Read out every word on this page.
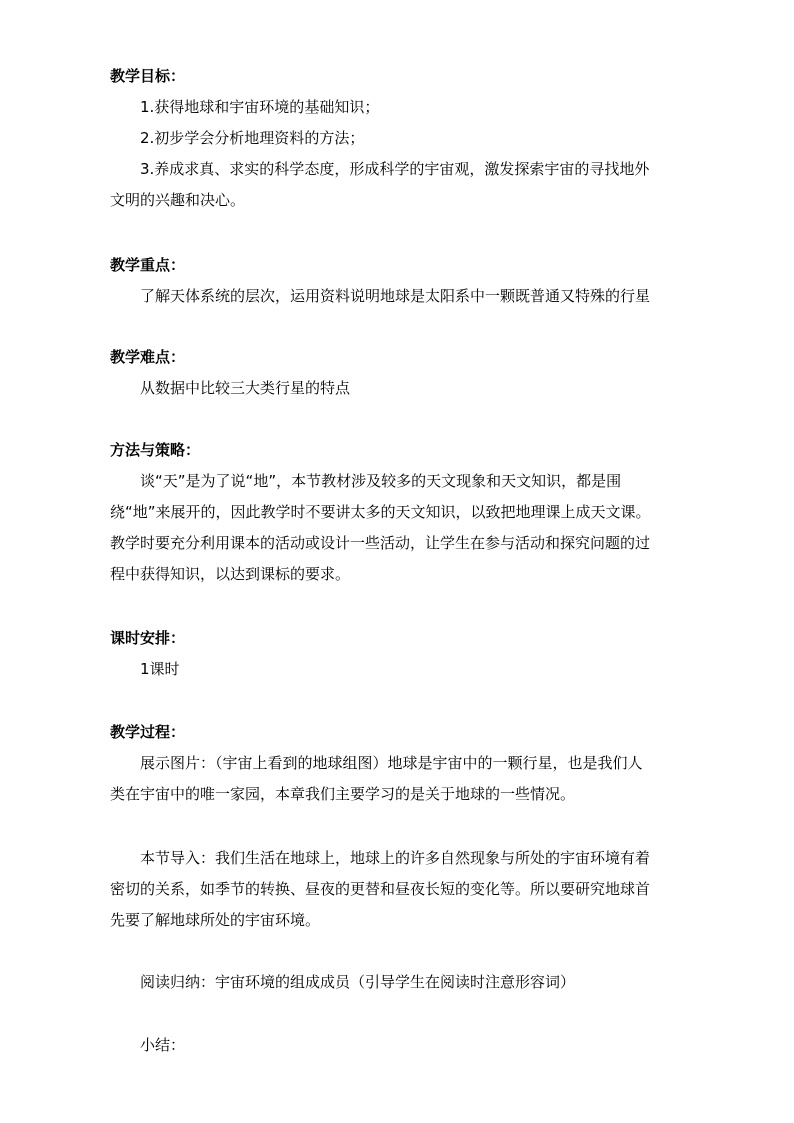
教学目标：
1.获得地球和宇宙环境的基础知识；
2.初步学会分析地理资料的方法；
3.养成求真、求实的科学态度，形成科学的宇宙观，激发探索宇宙的寻找地外
文明的兴趣和决心。
教学重点：
了解天体系统的层次，运用资料说明地球是太阳系中一颗既普通又特殊的行星
教学难点：
从数据中比较三大类行星的特点
方法与策略：
谈“天”是为了说“地”，本节教材涉及较多的天文现象和天文知识，都是围
绕“地”来展开的，因此教学时不要讲太多的天文知识，以致把地理课上成天文课。
教学时要充分利用课本的活动或设计一些活动，让学生在参与活动和探究问题的过
程中获得知识，以达到课标的要求。
课时安排：
1课时
教学过程：
展示图片：（宇宙上看到的地球组图）地球是宇宙中的一颗行星，也是我们人
类在宇宙中的唯一家园，本章我们主要学习的是关于地球的一些情况。
本节导入：我们生活在地球上，地球上的许多自然现象与所处的宇宙环境有着
密切的关系，如季节的转换、昼夜的更替和昼夜长短的变化等。所以要研究地球首
先要了解地球所处的宇宙环境。
阅读归纳：宇宙环境的组成成员（引导学生在阅读时注意形容词）
小结：
